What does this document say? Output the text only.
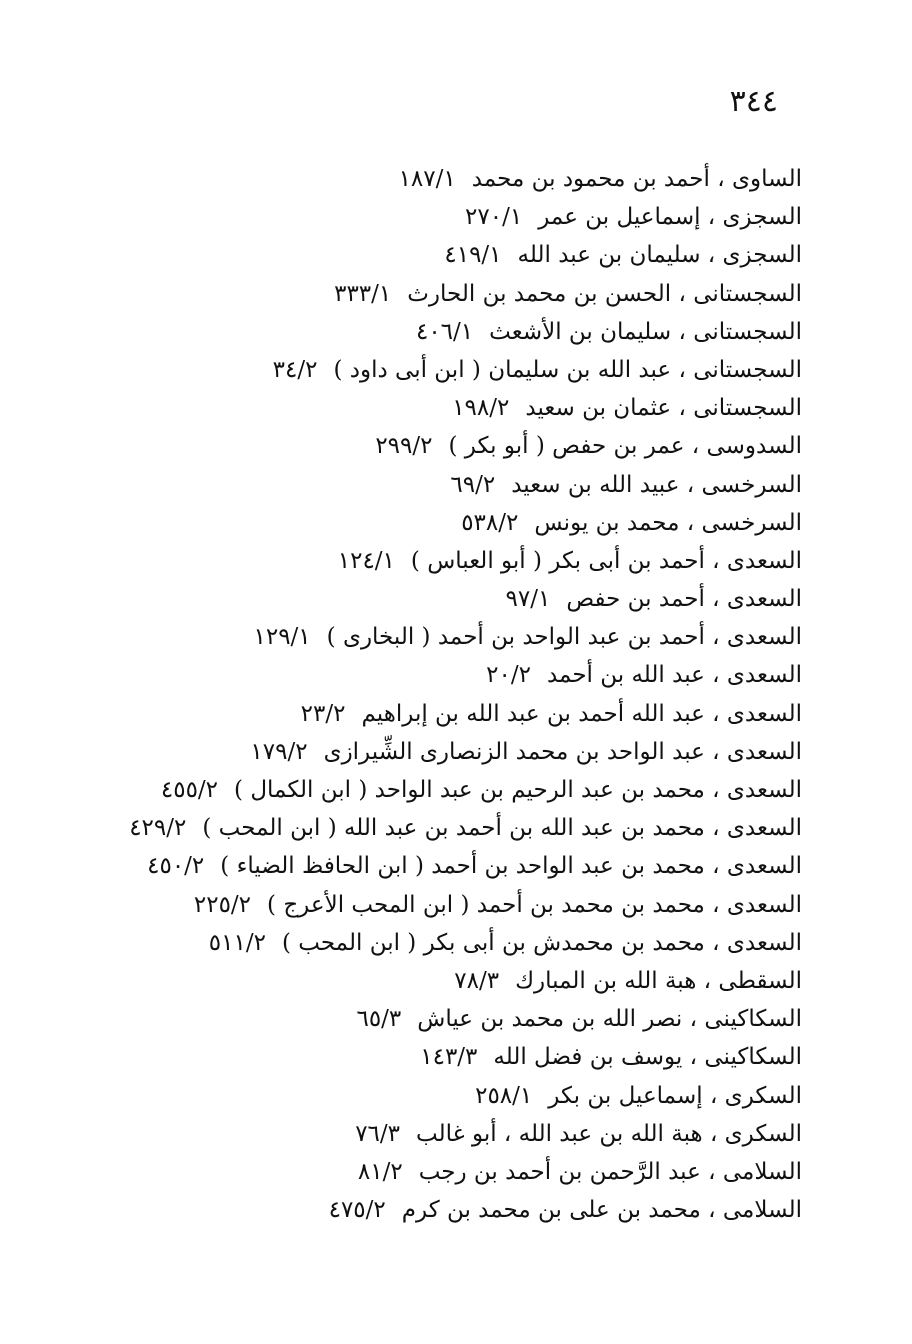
٣٤٤
الساوى ، أحمد بن محمود بن محمد١٨٧/١
السجزى ، إسماعيل بن عمر٢٧٠/١
السجزى ، سليمان بن عبد الله٤١٩/١
السجستانى ، الحسن بن محمد بن الحارث٣٣٣/١
السجستانى ، سليمان بن الأشعث٤٠٦/١
السجستانى ، عبد الله بن سليمان ( ابن أبى داود )٣٤/٢
السجستانى ، عثمان بن سعيد١٩٨/٢
السدوسى ، عمر بن حفص ( أبو بكر )٢٩٩/٢
السرخسى ، عبيد الله بن سعيد٦٩/٢
السرخسى ، محمد بن يونس٥٣٨/٢
السعدى ، أحمد بن أبى بكر ( أبو العباس )١٢٤/١
السعدى ، أحمد بن حفص٩٧/١
السعدى ، أحمد بن عبد الواحد بن أحمد ( البخارى )١٢٩/١
السعدى ، عبد الله بن أحمد٢٠/٢
السعدى ، عبد الله أحمد بن عبد الله بن إبراهيم٢٣/٢
السعدى ، عبد الواحد بن محمد الزنصارى الشِّيرازى١٧٩/٢
السعدى ، محمد بن عبد الرحيم بن عبد الواحد ( ابن الكمال )٤٥٥/٢
السعدى ، محمد بن عبد الله بن أحمد بن عبد الله ( ابن المحب )٤٢٩/٢
السعدى ، محمد بن عبد الواحد بن أحمد ( ابن الحافظ الضياء )٤٥٠/٢
السعدى ، محمد بن محمد بن أحمد ( ابن المحب الأعرج )٢٢٥/٢
السعدى ، محمد بن محمدش بن أبى بكر ( ابن المحب )٥١١/٢
السقطى ، هبة الله بن المبارك٧٨/٣
السكاكينى ، نصر الله بن محمد بن عياش٦٥/٣
السكاكينى ، يوسف بن فضل الله١٤٣/٣
السكرى ، إسماعيل بن بكر٢٥٨/١
السكرى ، هبة الله بن عبد الله ، أبو غالب٧٦/٣
السلامى ، عبد الرَّحمن بن أحمد بن رجب٨١/٢
السلامى ، محمد بن على بن محمد بن كرم٤٧٥/٢
